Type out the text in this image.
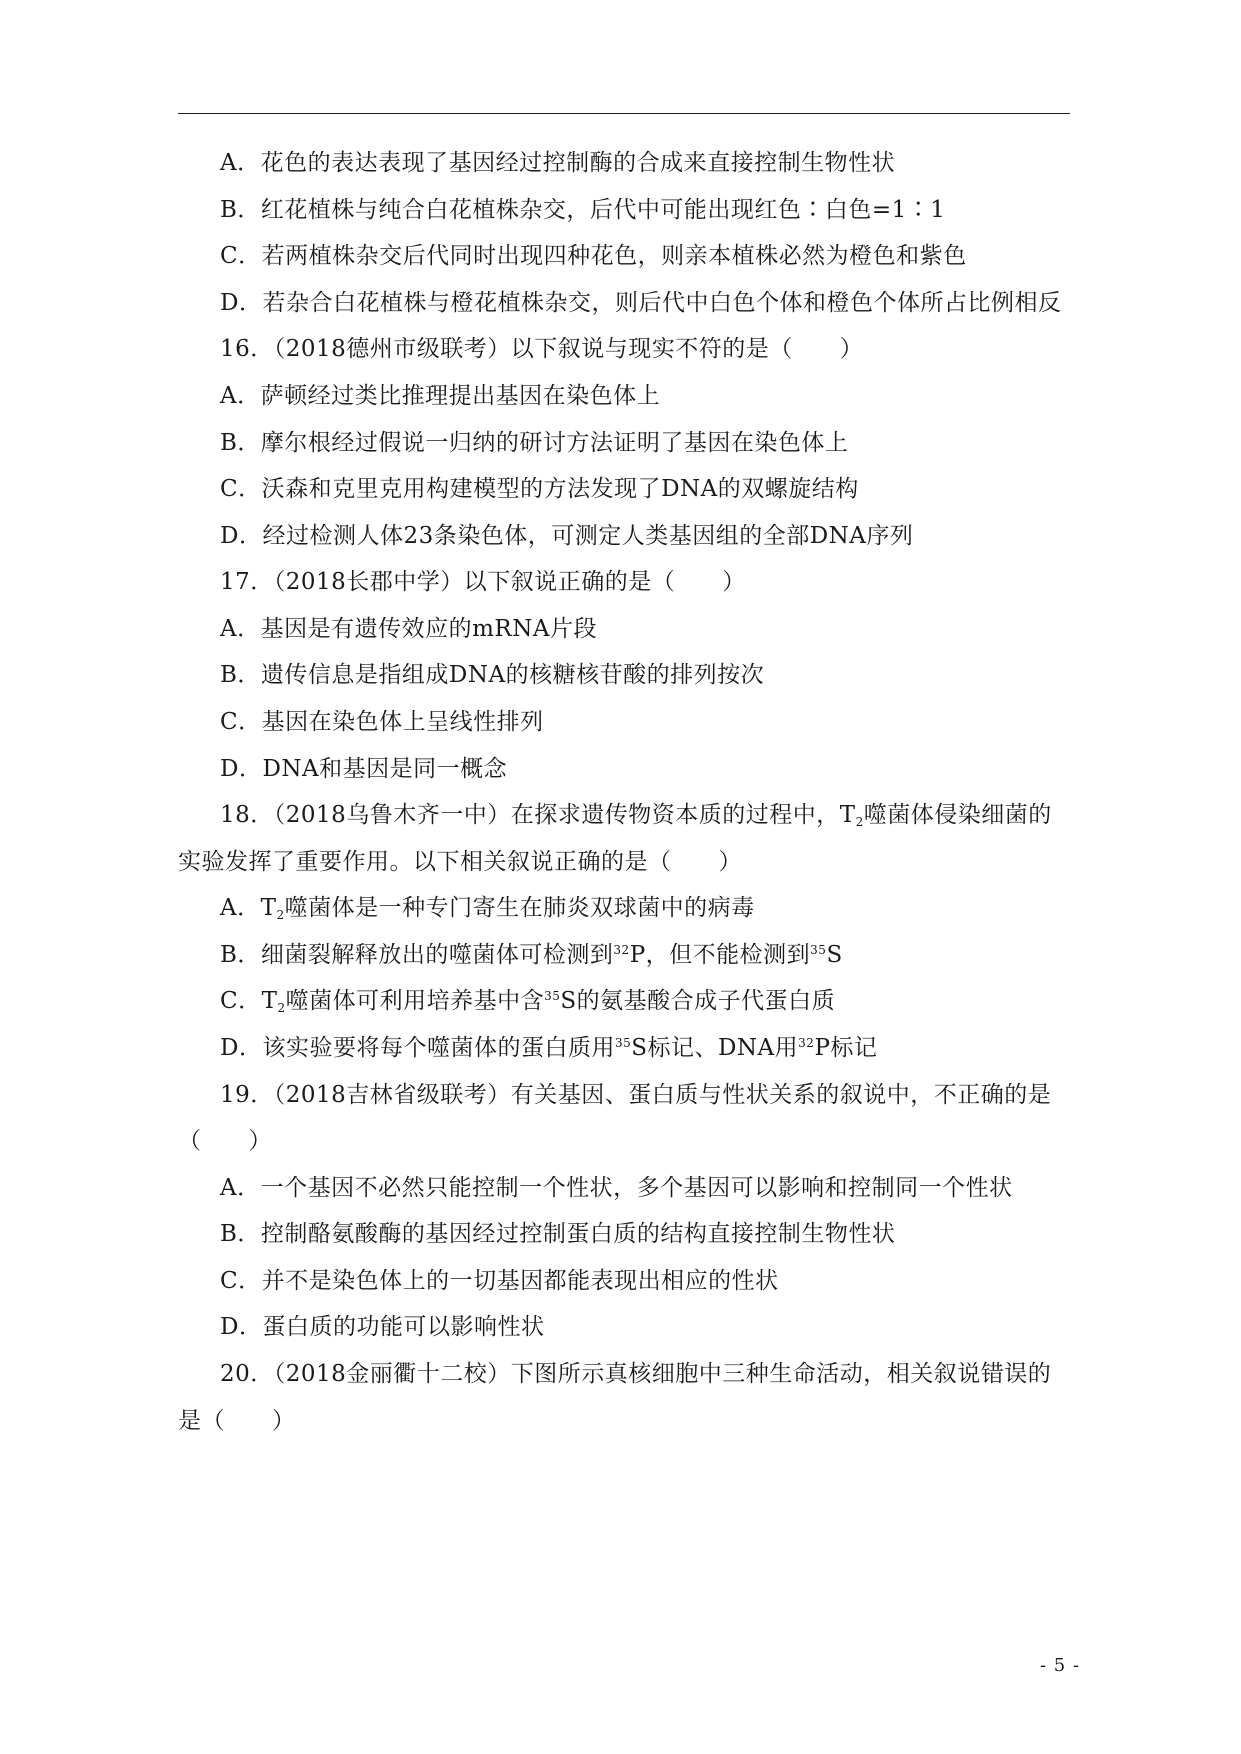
A．花色的表达表现了基因经过控制酶的合成来直接控制生物性状
B．红花植株与纯合白花植株杂交，后代中可能出现红色∶白色=1∶1
C．若两植株杂交后代同时出现四种花色，则亲本植株必然为橙色和紫色
D．若杂合白花植株与橙花植株杂交，则后代中白色个体和橙色个体所占比例相反
16．（2018德州市级联考）以下叙说与现实不符的是（　　）
A．萨顿经过类比推理提出基因在染色体上
B．摩尔根经过假说一归纳的研讨方法证明了基因在染色体上
C．沃森和克里克用构建模型的方法发现了DNA的双螺旋结构
D．经过检测人体23条染色体，可测定人类基因组的全部DNA序列
17．（2018长郡中学）以下叙说正确的是（　　）
A．基因是有遗传效应的mRNA片段
B．遗传信息是指组成DNA的核糖核苷酸的排列按次
C．基因在染色体上呈线性排列
D．DNA和基因是同一概念
18．（2018乌鲁木齐一中）在探求遗传物资本质的过程中，$T_2$噬菌体侵染细菌的
实验发挥了重要作用。以下相关叙说正确的是（　　）
A．$T_2$噬菌体是一种专门寄生在肺炎双球菌中的病毒
B．细菌裂解释放出的噬菌体可检测到$^{32}$P，但不能检测到$^{35}$S
C．$T_2$噬菌体可利用培养基中含$^{35}$S的氨基酸合成子代蛋白质
D．该实验要将每个噬菌体的蛋白质用$^{35}$S标记、DNA用$^{32}$P标记
19．（2018吉林省级联考）有关基因、蛋白质与性状关系的叙说中，不正确的是
（　　）
A．一个基因不必然只能控制一个性状，多个基因可以影响和控制同一个性状
B．控制酪氨酸酶的基因经过控制蛋白质的结构直接控制生物性状
C．并不是染色体上的一切基因都能表现出相应的性状
D．蛋白质的功能可以影响性状
20．（2018金丽衢十二校）下图所示真核细胞中三种生命活动，相关叙说错误的
是（　　）
- 5 -
